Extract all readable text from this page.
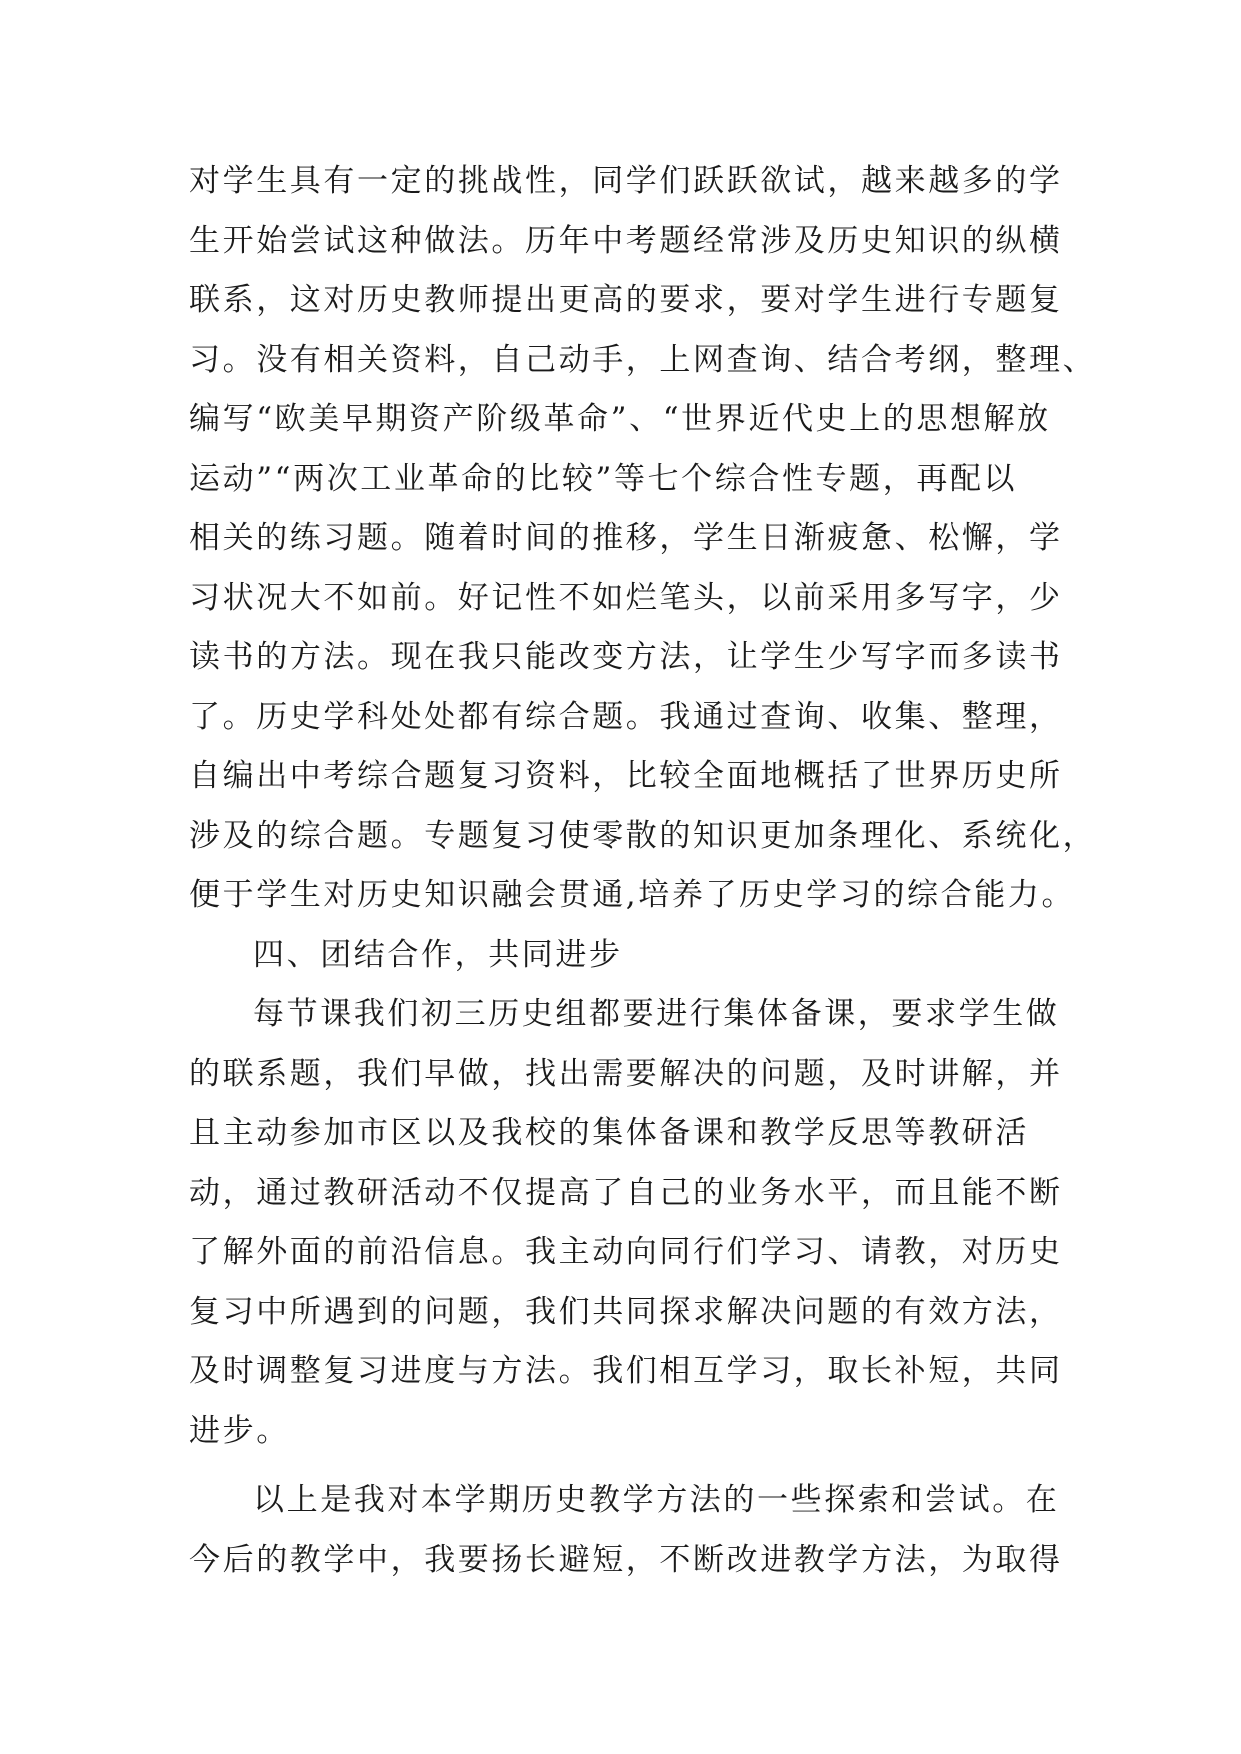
对学生具有一定的挑战性，同学们跃跃欲试，越来越多的学
生开始尝试这种做法。历年中考题经常涉及历史知识的纵横
联系，这对历史教师提出更高的要求，要对学生进行专题复
习。没有相关资料，自己动手，上网查询、结合考纲，整理、
编写“欧美早期资产阶级革命”、“世界近代史上的思想解放
运动”“两次工业革命的比较”等七个综合性专题，再配以
相关的练习题。随着时间的推移，学生日渐疲惫、松懈，学
习状况大不如前。好记性不如烂笔头，以前采用多写字，少
读书的方法。现在我只能改变方法，让学生少写字而多读书
了。历史学科处处都有综合题。我通过查询、收集、整理，
自编出中考综合题复习资料，比较全面地概括了世界历史所
涉及的综合题。专题复习使零散的知识更加条理化、系统化，
便于学生对历史知识融会贯通,培养了历史学习的综合能力。
四、团结合作，共同进步
每节课我们初三历史组都要进行集体备课，要求学生做
的联系题，我们早做，找出需要解决的问题，及时讲解，并
且主动参加市区以及我校的集体备课和教学反思等教研活
动，通过教研活动不仅提高了自己的业务水平，而且能不断
了解外面的前沿信息。我主动向同行们学习、请教，对历史
复习中所遇到的问题，我们共同探求解决问题的有效方法，
及时调整复习进度与方法。我们相互学习，取长补短，共同
进步。
以上是我对本学期历史教学方法的一些探索和尝试。在
今后的教学中，我要扬长避短，不断改进教学方法，为取得
